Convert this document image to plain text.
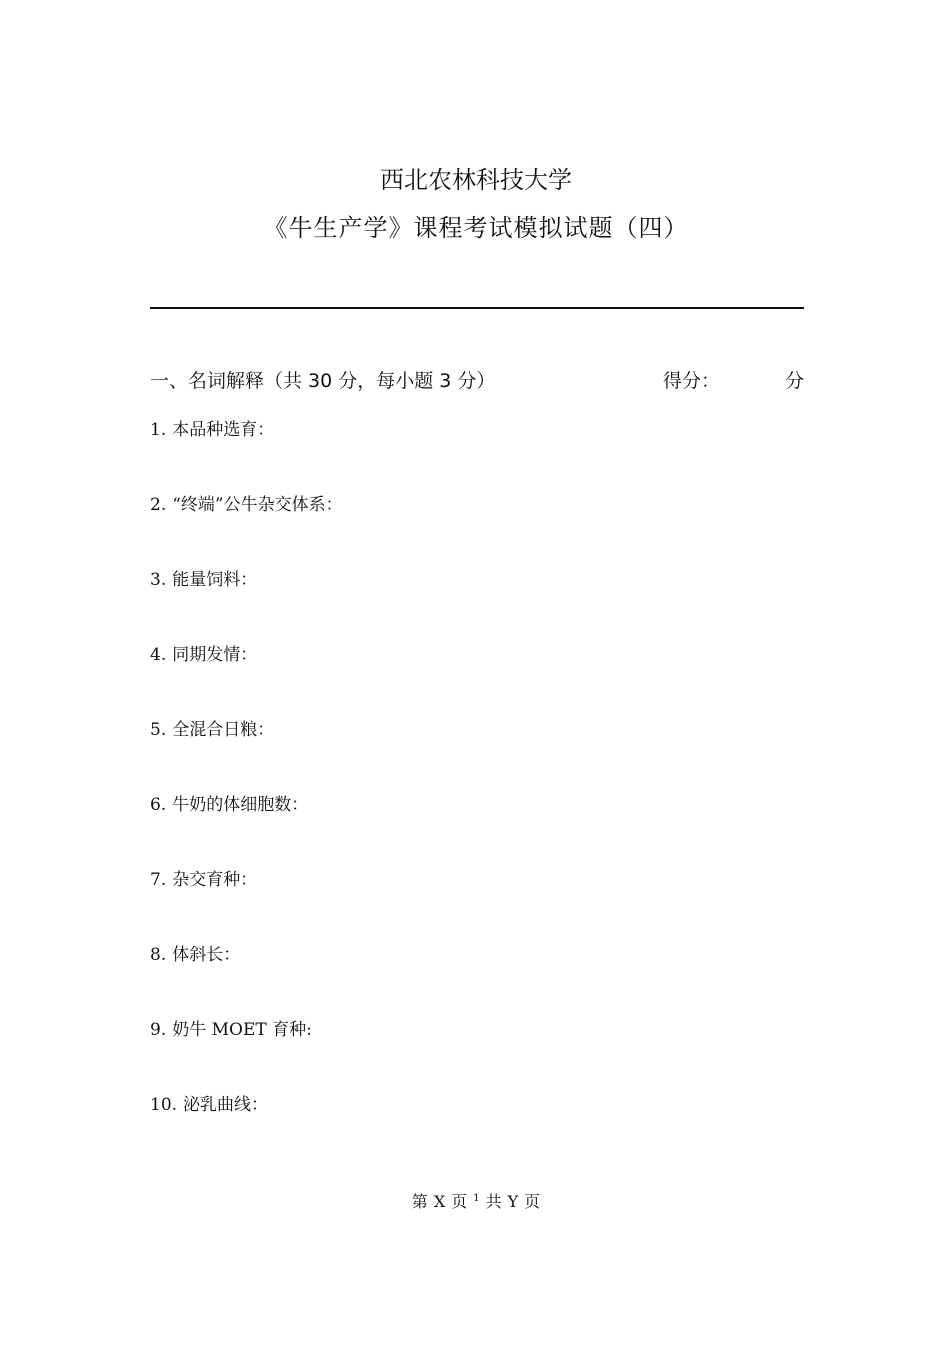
西北农林科技大学
《牛生产学》课程考试模拟试题（四）
一、名词解释（共 30 分，每小题 3 分）	得分：	分
1. 本品种选育：
2. “终端”公牛杂交体系：
3. 能量饲料：
4. 同期发情：
5. 全混合日粮：
6. 牛奶的体细胞数：
7. 杂交育种：
8. 体斜长：
9. 奶牛 MOET 育种:
10. 泌乳曲线：
第 X 页 $^1$ 共 Y 页
